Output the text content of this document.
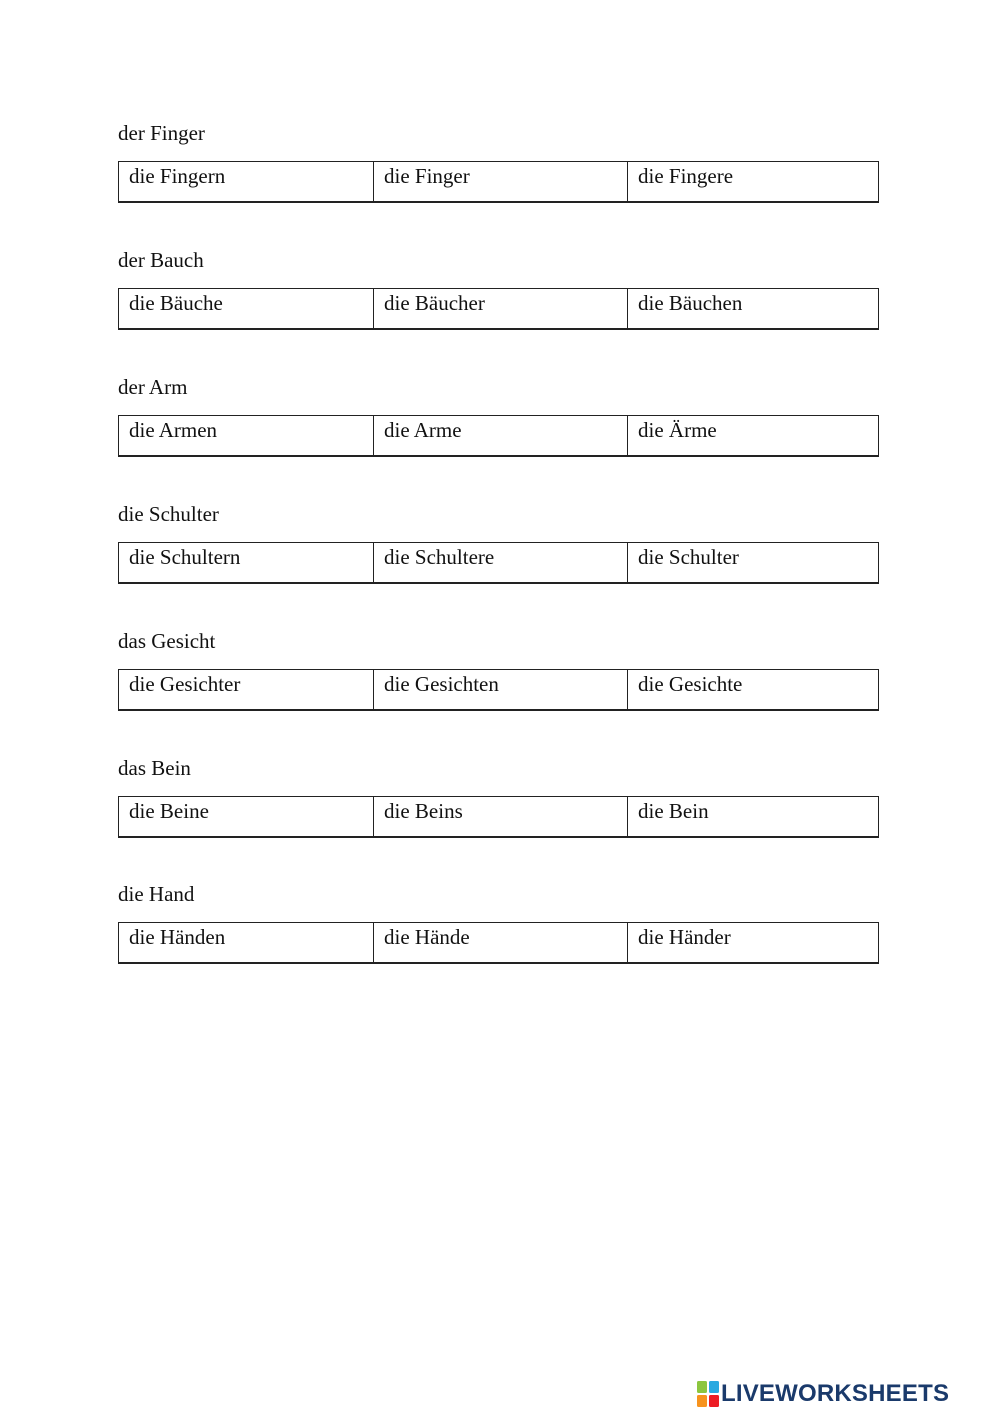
der Finger
die Fingern	die Finger	die Fingere
der Bauch
die Bäuche	die Bäucher	die Bäuchen
der Arm
die Armen	die Arme	die Ärme
die Schulter
die Schultern	die Schultere	die Schulter
das Gesicht
die Gesichter	die Gesichten	die Gesichte
das Bein
die Beine	die Beins	die Bein
die Hand
die Händen	die Hände	die Händer
LIVEWORKSHEETS
